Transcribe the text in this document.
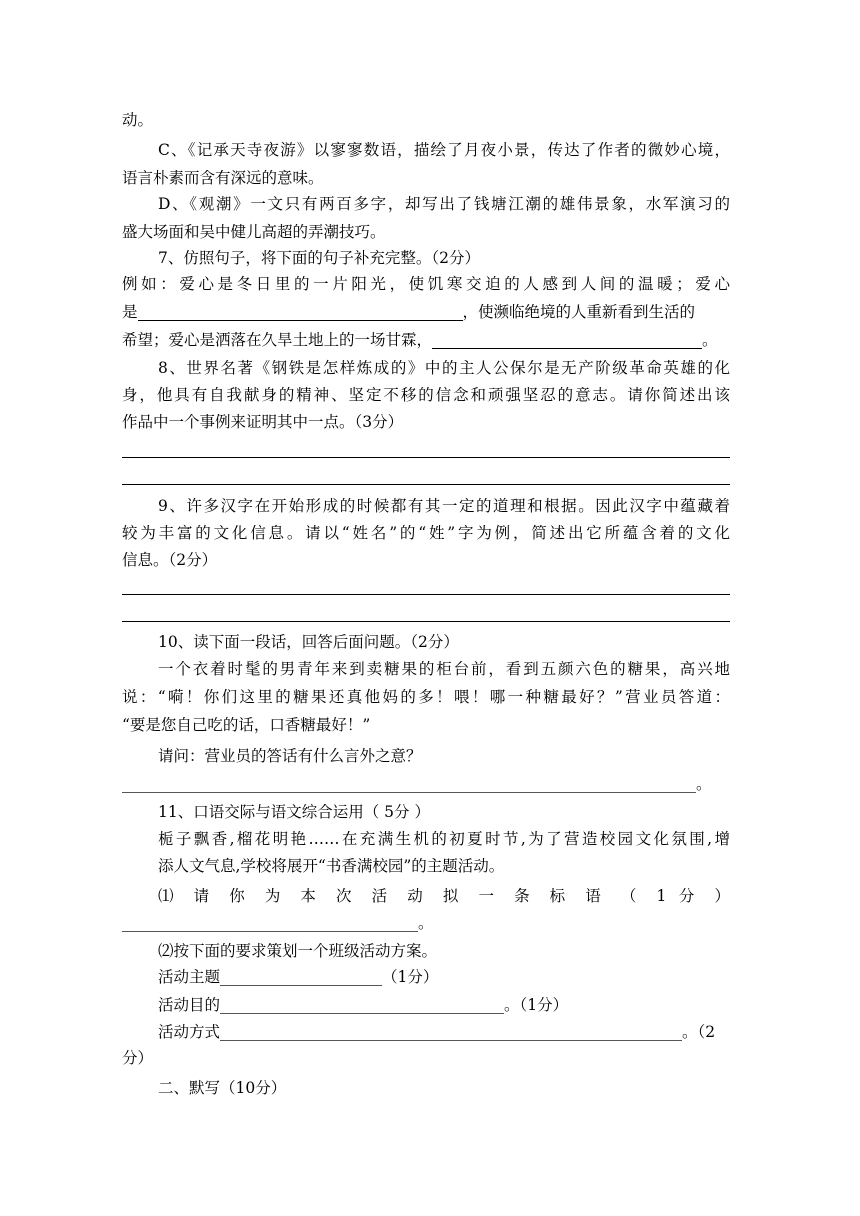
动。
C、《记承天寺夜游》以寥寥数语，描绘了月夜小景，传达了作者的微妙心境，
语言朴素而含有深远的意味。
D、《观潮》一文只有两百多字，却写出了钱塘江潮的雄伟景象，水军演习的
盛大场面和吴中健儿高超的弄潮技巧。
7、仿照句子，将下面的句子补充完整。（2分）
例如：爱心是冬日里的一片阳光，使饥寒交迫的人感到人间的温暖；爱心
是	，使濒临绝境的人重新看到生活的
希望；爱心是洒落在久旱土地上的一场甘霖，	。
8、世界名著《钢铁是怎样炼成的》中的主人公保尔是无产阶级革命英雄的化
身，他具有自我献身的精神、坚定不移的信念和顽强坚忍的意志。请你简述出该
作品中一个事例来证明其中一点。（3分）
9、许多汉字在开始形成的时候都有其一定的道理和根据。因此汉字中蕴藏着
较为丰富的文化信息。请以“姓名”的“姓”字为例，简述出它所蕴含着的文化
信息。（2分）
10、读下面一段话，回答后面问题。（2分）
一个衣着时髦的男青年来到卖糖果的柜台前，看到五颜六色的糖果，高兴地
说：“嗬！你们这里的糖果还真他妈的多！喂！哪一种糖最好？”营业员答道：
“要是您自己吃的话，口香糖最好！”
请问：营业员的答话有什么言外之意？
。
11、口语交际与语文综合运用（ 5分 ）
栀子飘香,榴花明艳……在充满生机的初夏时节,为了营造校园文化氛围,增
添人文气息,学校将展开“书香满校园”的主题活动。
⑴ 请 你 为 本 次 活 动 拟 一 条 标 语 （ 1 分 ）
。
⑵按下面的要求策划一个班级活动方案。
活动主题	（1分）
活动目的	。（1分）
活动方式	。（2
分）
二、默写（10分）
